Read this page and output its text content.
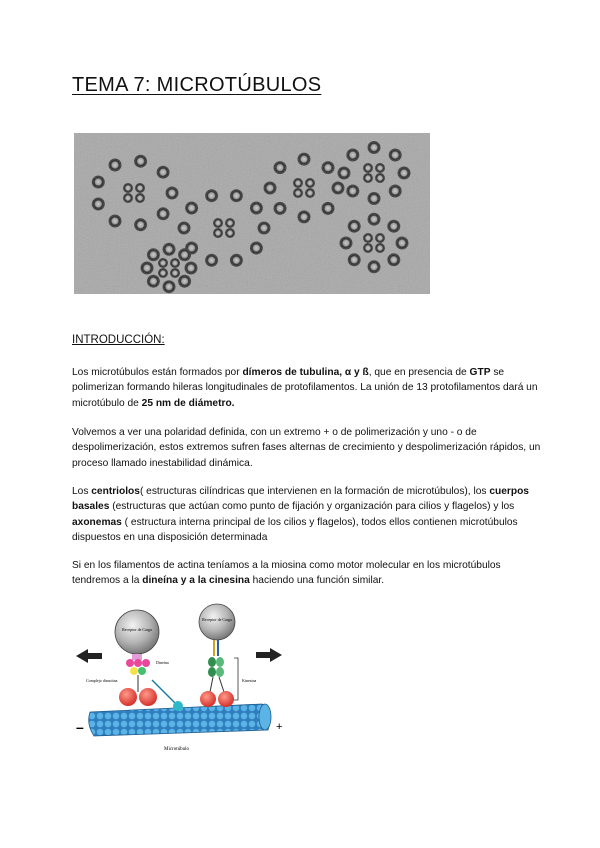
TEMA 7: MICROTÚBULOS
INTRODUCCIÓN:
Los microtúbulos están formados por dímeros de tubulina, α y ß, que en presencia de GTP se polimerizan formando hileras longitudinales de protofilamentos. La unión de 13 protofilamentos dará un microtúbulo de 25 nm de diámetro.
Volvemos a ver una polaridad definida, con un extremo + o de polimerización y uno - o de despolimerización, estos extremos sufren fases alternas de crecimiento y despolimerización rápidos, un proceso llamado inestabilidad dinámica.
Los centriolos( estructuras cilíndricas que intervienen en la formación de microtúbulos), los cuerpos basales (estructuras que actúan como punto de fijación y organización para cilios y flagelos) y los axonemas ( estructura interna principal de los cilios y flagelos), todos ellos contienen microtúbulos dispuestos en una disposición determinada
Si en los filamentos de actina teníamos a la miosina como motor molecular en los microtúbulos tendremos a la dineína y a la cinesina haciendo una función similar.
–	+
Microtúbulo
Receptor de Carga
Dineína
Complejo dinactina
Receptor de Carga
Kinesina
